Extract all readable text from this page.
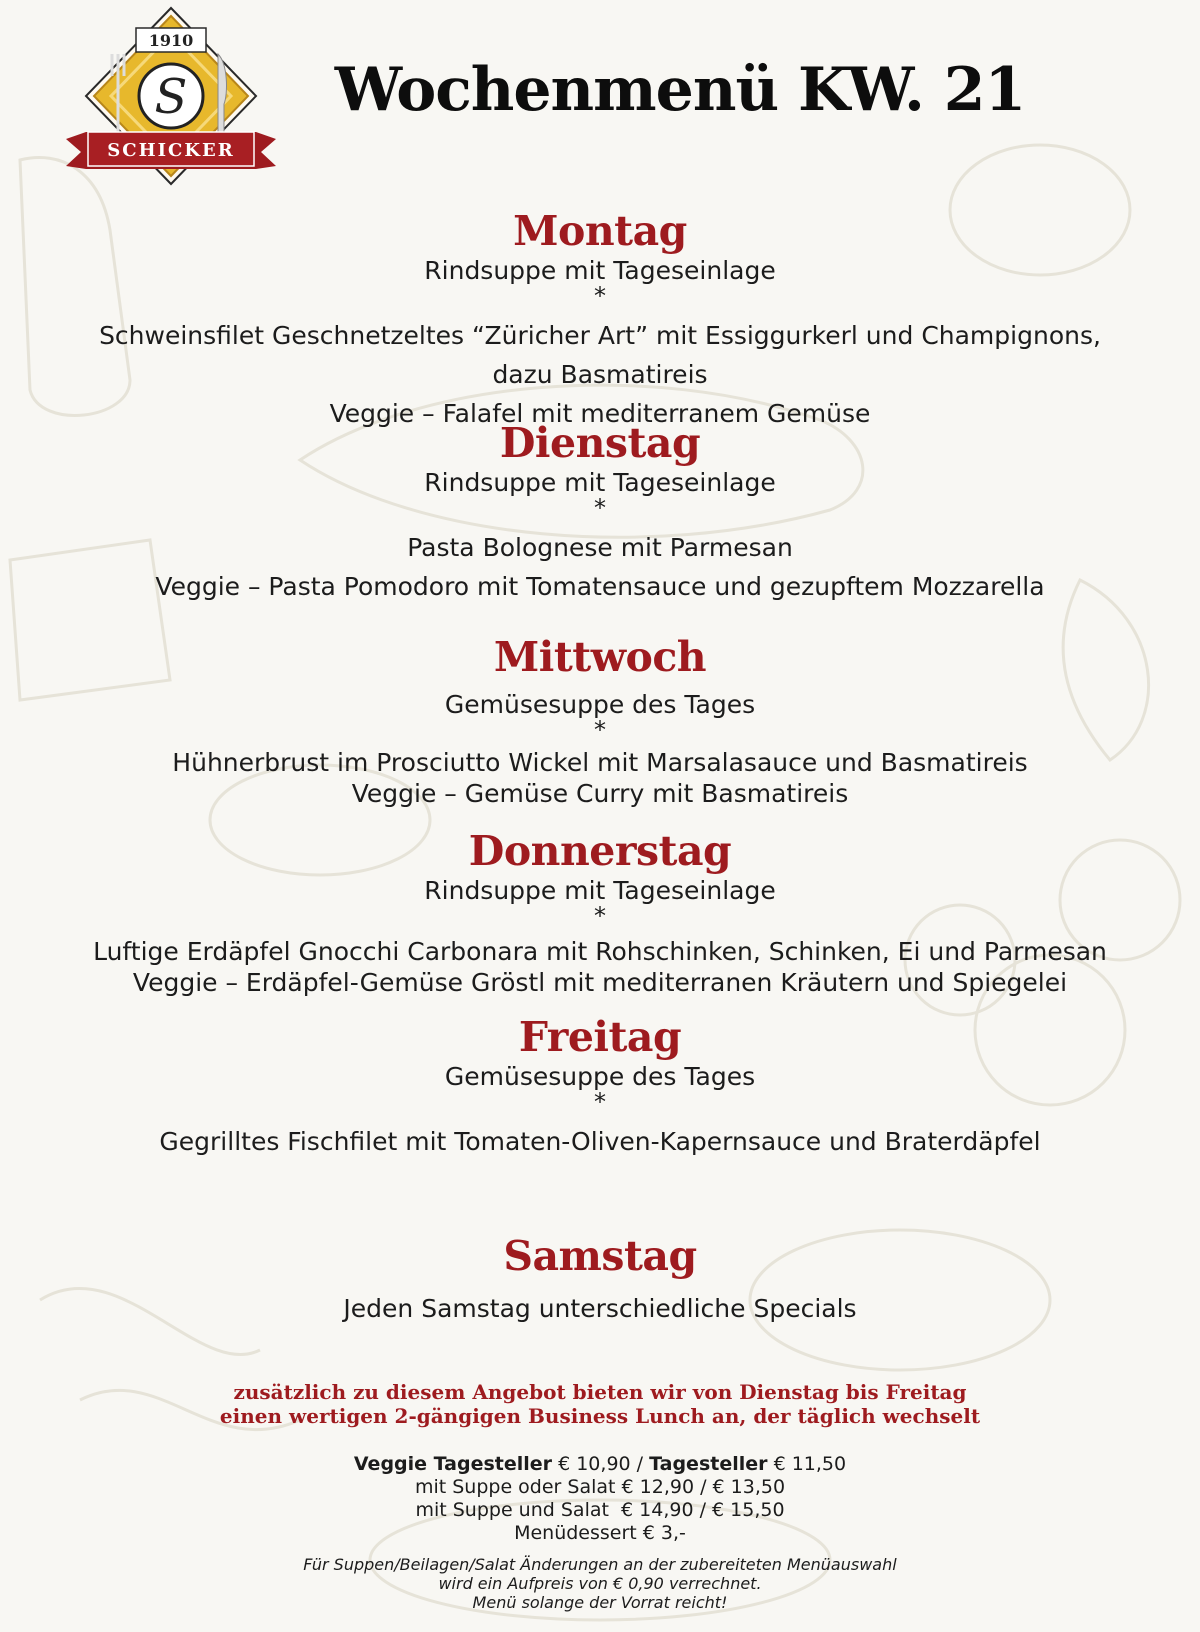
1910
S
SCHICKER
Wochenmenü KW. 21
Montag
Rindsuppe mit Tageseinlage
*
Schweinsfilet Geschnetzeltes “Züricher Art” mit Essiggurkerl und Champignons,
dazu Basmatireis
Veggie – Falafel mit mediterranem Gemüse
Dienstag
Rindsuppe mit Tageseinlage
*
Pasta Bolognese mit Parmesan
Veggie – Pasta Pomodoro mit Tomatensauce und gezupftem Mozzarella
Mittwoch
Gemüsesuppe des Tages
*
Hühnerbrust im Prosciutto Wickel mit Marsalasauce und Basmatireis
Veggie – Gemüse Curry mit Basmatireis
Donnerstag
Rindsuppe mit Tageseinlage
*
Luftige Erdäpfel Gnocchi Carbonara mit Rohschinken, Schinken, Ei und Parmesan
Veggie – Erdäpfel-Gemüse Gröstl mit mediterranen Kräutern und Spiegelei
Freitag
Gemüsesuppe des Tages
*
Gegrilltes Fischfilet mit Tomaten-Oliven-Kapernsauce und Braterdäpfel
Samstag
Jeden Samstag unterschiedliche Specials
zusätzlich zu diesem Angebot bieten wir von Dienstag bis Freitag
einen wertigen 2-gängigen Business Lunch an, der täglich wechselt
Veggie Tagesteller € 10,90 / Tagesteller € 11,50
mit Suppe oder Salat € 12,90 / € 13,50
mit Suppe und Salat  € 14,90 / € 15,50
Menüdessert € 3,-
Für Suppen/Beilagen/Salat Änderungen an der zubereiteten Menüauswahl
wird ein Aufpreis von € 0,90 verrechnet.
Menü solange der Vorrat reicht!
